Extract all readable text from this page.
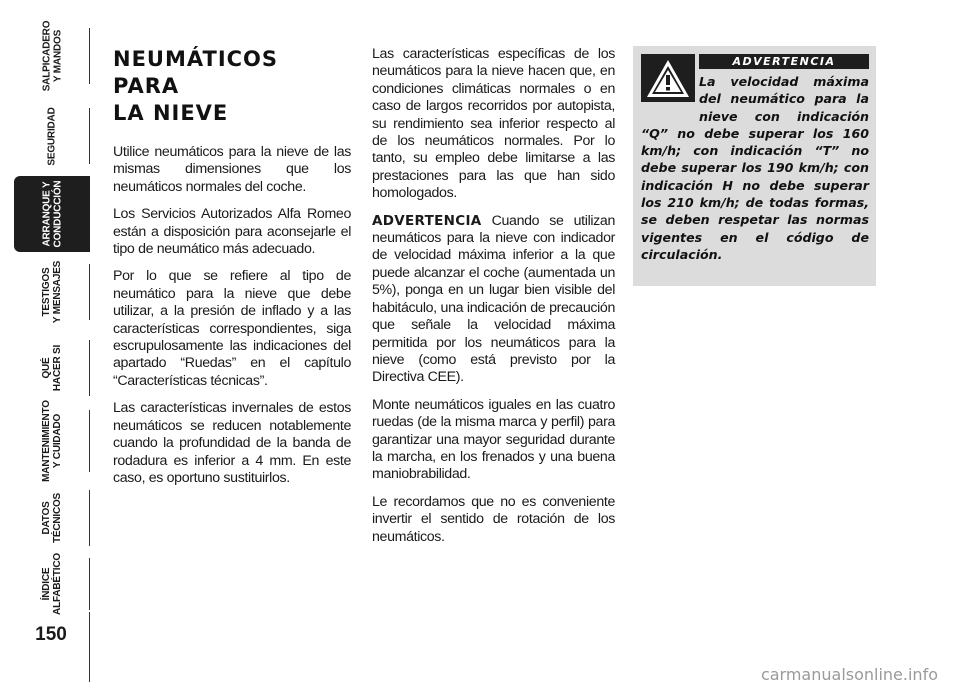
SALPICADERO Y MANDOS
SEGURIDAD
ARRANQUE Y CONDUCCIÓN
TESTIGOS Y MENSAJES
QUÉ HACER SI
MANTENIMIENTO Y CUIDADO
DATOS TÉCNICOS
ÍNDICE ALFABÉTICO
150
NEUMÁTICOS PARA
LA NIEVE

Utilice neumáticos para la nieve de las mismas dimensiones que los neumáticos normales del coche.

Los Servicios Autorizados Alfa Romeo están a disposición para aconsejarle el tipo de neumático más adecuado.

Por lo que se refiere al tipo de neumático para la nieve que debe utilizar, a la presión de inflado y a las características correspondientes, siga escrupulosamente las indicaciones del apartado “Ruedas” en el capítulo “Características técnicas”.

Las características invernales de estos neumáticos se reducen notablemente cuando la profundidad de la banda de rodadura es inferior a 4 mm. En este caso, es oportuno sustituirlos.

Las características específicas de los neumáticos para la nieve hacen que, en condiciones climáticas normales o en caso de largos recorridos por autopista, su rendimiento sea inferior respecto al de los neumáticos normales. Por lo tanto, su empleo debe limitarse a las prestaciones para las que han sido homologados.

ADVERTENCIA Cuando se utilizan neumáticos para la nieve con indicador de velocidad máxima inferior a la que puede alcanzar el coche (aumentada un 5%), ponga en un lugar bien visible del habitáculo, una indicación de precaución que señale la velocidad máxima permitida por los neumáticos para la nieve (como está previsto por la Directiva CEE).

Monte neumáticos iguales en las cuatro ruedas (de la misma marca y perfil) para garantizar una mayor seguridad durante la marcha, en los frenados y una buena maniobrabilidad.

Le recordamos que no es conveniente invertir el sentido de rotación de los neumáticos.

ADVERTENCIA

La velocidad máxima del neumático para la nieve con indicación “Q” no debe superar los 160 km/h; con indicación “T” no debe superar los 190 km/h; con indicación H no debe superar los 210 km/h; de todas formas, se deben respetar las normas vigentes en el código de circulación.

carmanualsonline.info
